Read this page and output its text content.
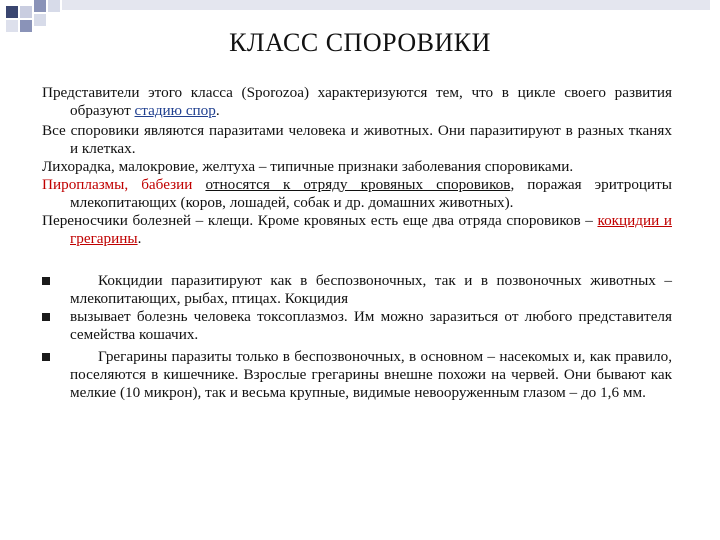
КЛАСС СПОРОВИКИ

Представители этого класса (Sporozoa) характеризуются тем, что в цикле своего развития образуют стадию спор.

Все споровики являются паразитами человека и животных. Они паразитируют в разных тканях и клетках.

Лихорадка, малокровие, желтуха – типичные признаки заболевания споровиками.

Пироплазмы, бабезии относятся к отряду кровяных споровиков, поражая эритроциты млекопитающих (коров, лошадей, собак и др. домашних животных).

Переносчики болезней – клещи. Кроме кровяных есть еще два отряда споровиков – кокцидии и грегарины.

Кокцидии паразитируют как в беспозвоночных, так и в позвоночных животных – млекопитающих, рыбах, птицах. Кокцидия
вызывает болезнь человека токсоплазмоз. Им можно заразиться от любого представителя семейства кошачих.
Грегарины паразиты только в беспозвоночных, в основном – насекомых и, как правило, поселяются в кишечнике. Взрослые грегарины внешне похожи на червей. Они бывают как мелкие (10 микрон), так и весьма крупные, видимые невооруженным глазом – до 1,6 мм.
